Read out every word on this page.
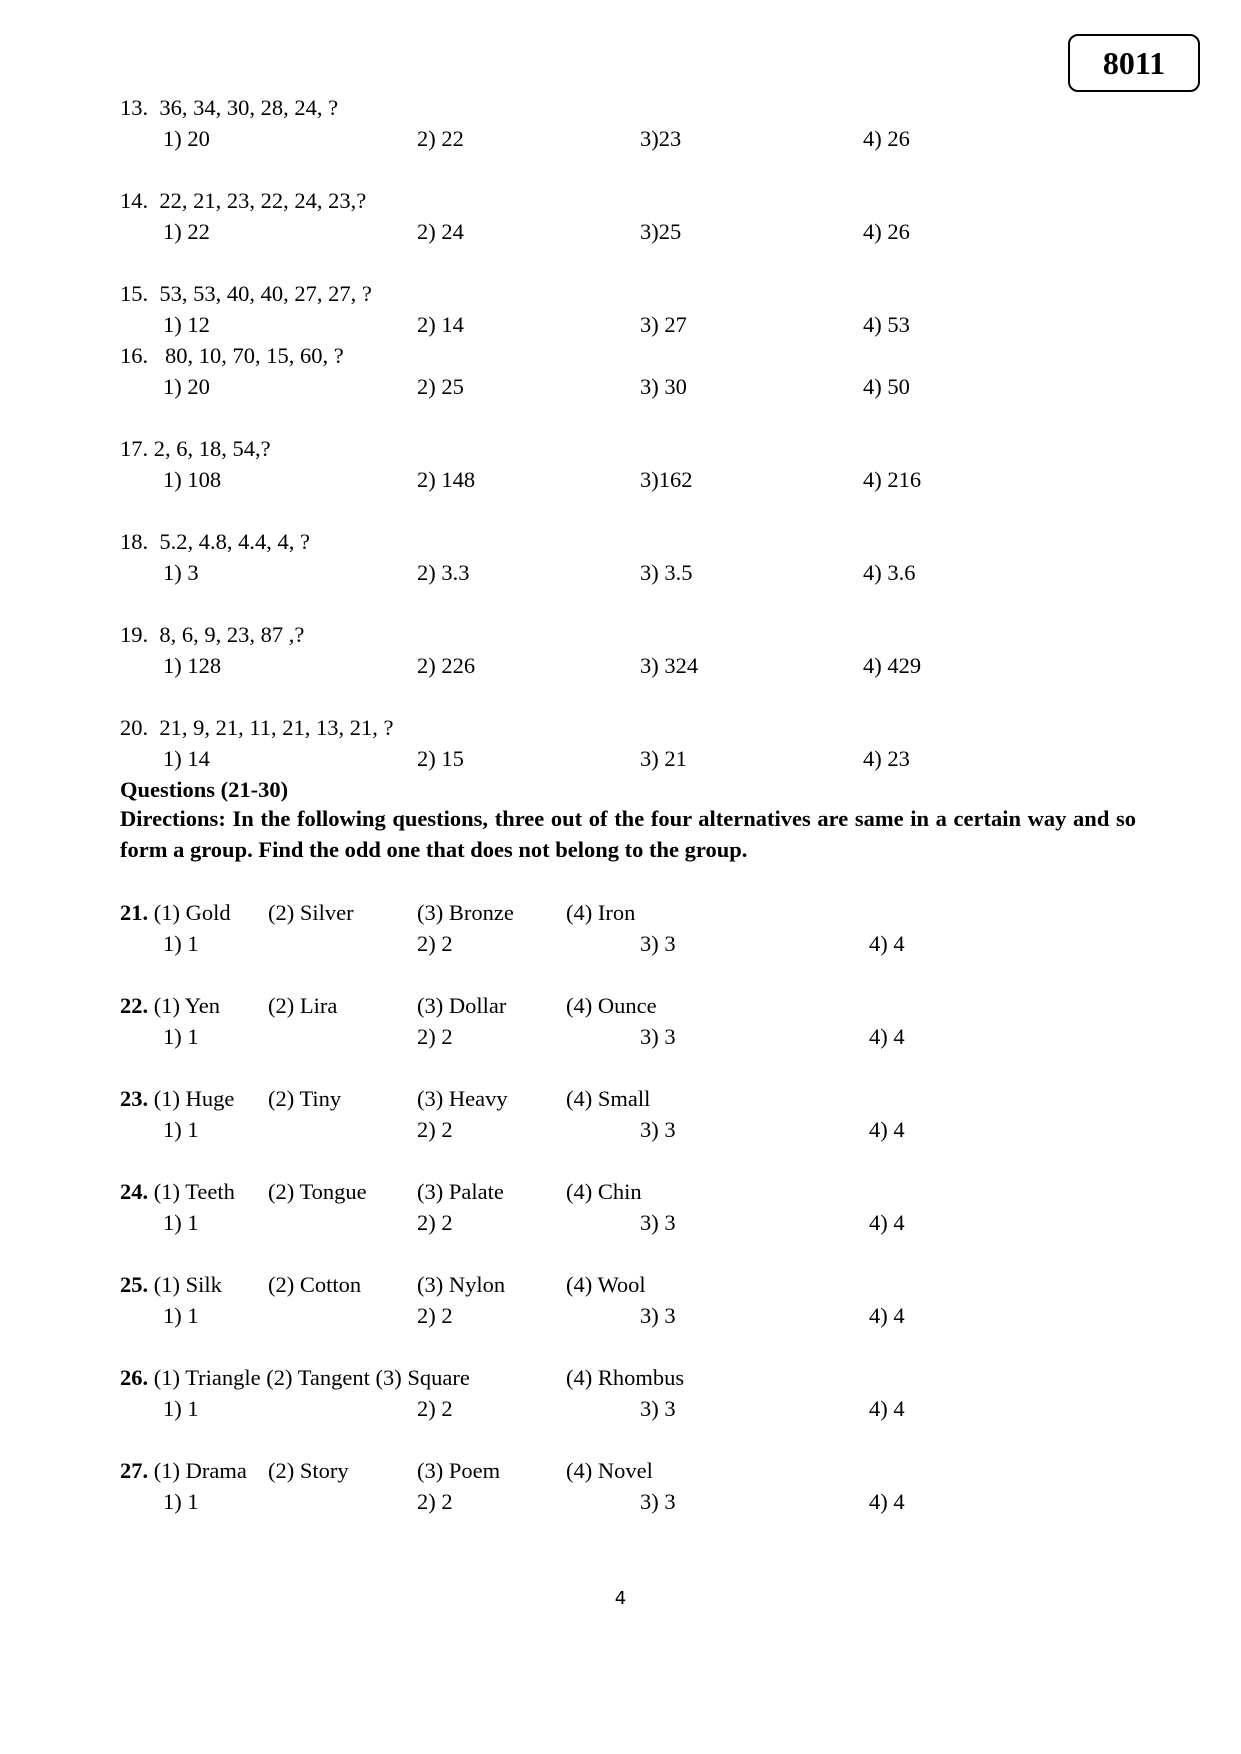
8011
13. 36, 34, 30, 28, 24, ?
1) 20	2) 22	3)23	4) 26
14. 22, 21, 23, 22, 24, 23,?
1) 22	2) 24	3)25	4) 26
15. 53, 53, 40, 40, 27, 27, ?
1) 12	2) 14	3) 27	4) 53
16. 80, 10, 70, 15, 60, ?
1) 20	2) 25	3) 30	4) 50
17. 2, 6, 18, 54,?
1) 108	2) 148	3)162	4) 216
18. 5.2, 4.8, 4.4, 4, ?
1) 3	2) 3.3	3) 3.5	4) 3.6
19. 8, 6, 9, 23, 87 ,?
1) 128	2) 226	3) 324	4) 429
20. 21, 9, 21, 11, 21, 13, 21, ?
1) 14	2) 15	3) 21	4) 23
Questions (21-30)
Directions: In the following questions, three out of the four alternatives are same in a certain way and so form a group. Find the odd one that does not belong to the group.
21. (1) Gold (2) Silver	(3) Bronze (4) Iron
1) 1	2) 2	3) 3	4) 4
22. (1) Yen (2) Lira	(3) Dollar	(4) Ounce
1) 1	2) 2	3) 3	4) 4
23. (1) Huge (2) Tiny	(3) Heavy	(4) Small
1) 1	2) 2	3) 3	4) 4
24. (1) Teeth (2) Tongue (3) Palate	(4) Chin
1) 1	2) 2	3) 3	4) 4
25. (1) Silk (2) Cotton (3) Nylon	(4) Wool
1) 1	2) 2	3) 3	4) 4
26. (1) Triangle (2) Tangent (3) Square	(4) Rhombus
1) 1	2) 2	3) 3	4) 4
27. (1) Drama (2) Story	(3) Poem	(4) Novel
1) 1	2) 2	3) 3	4) 4
4
